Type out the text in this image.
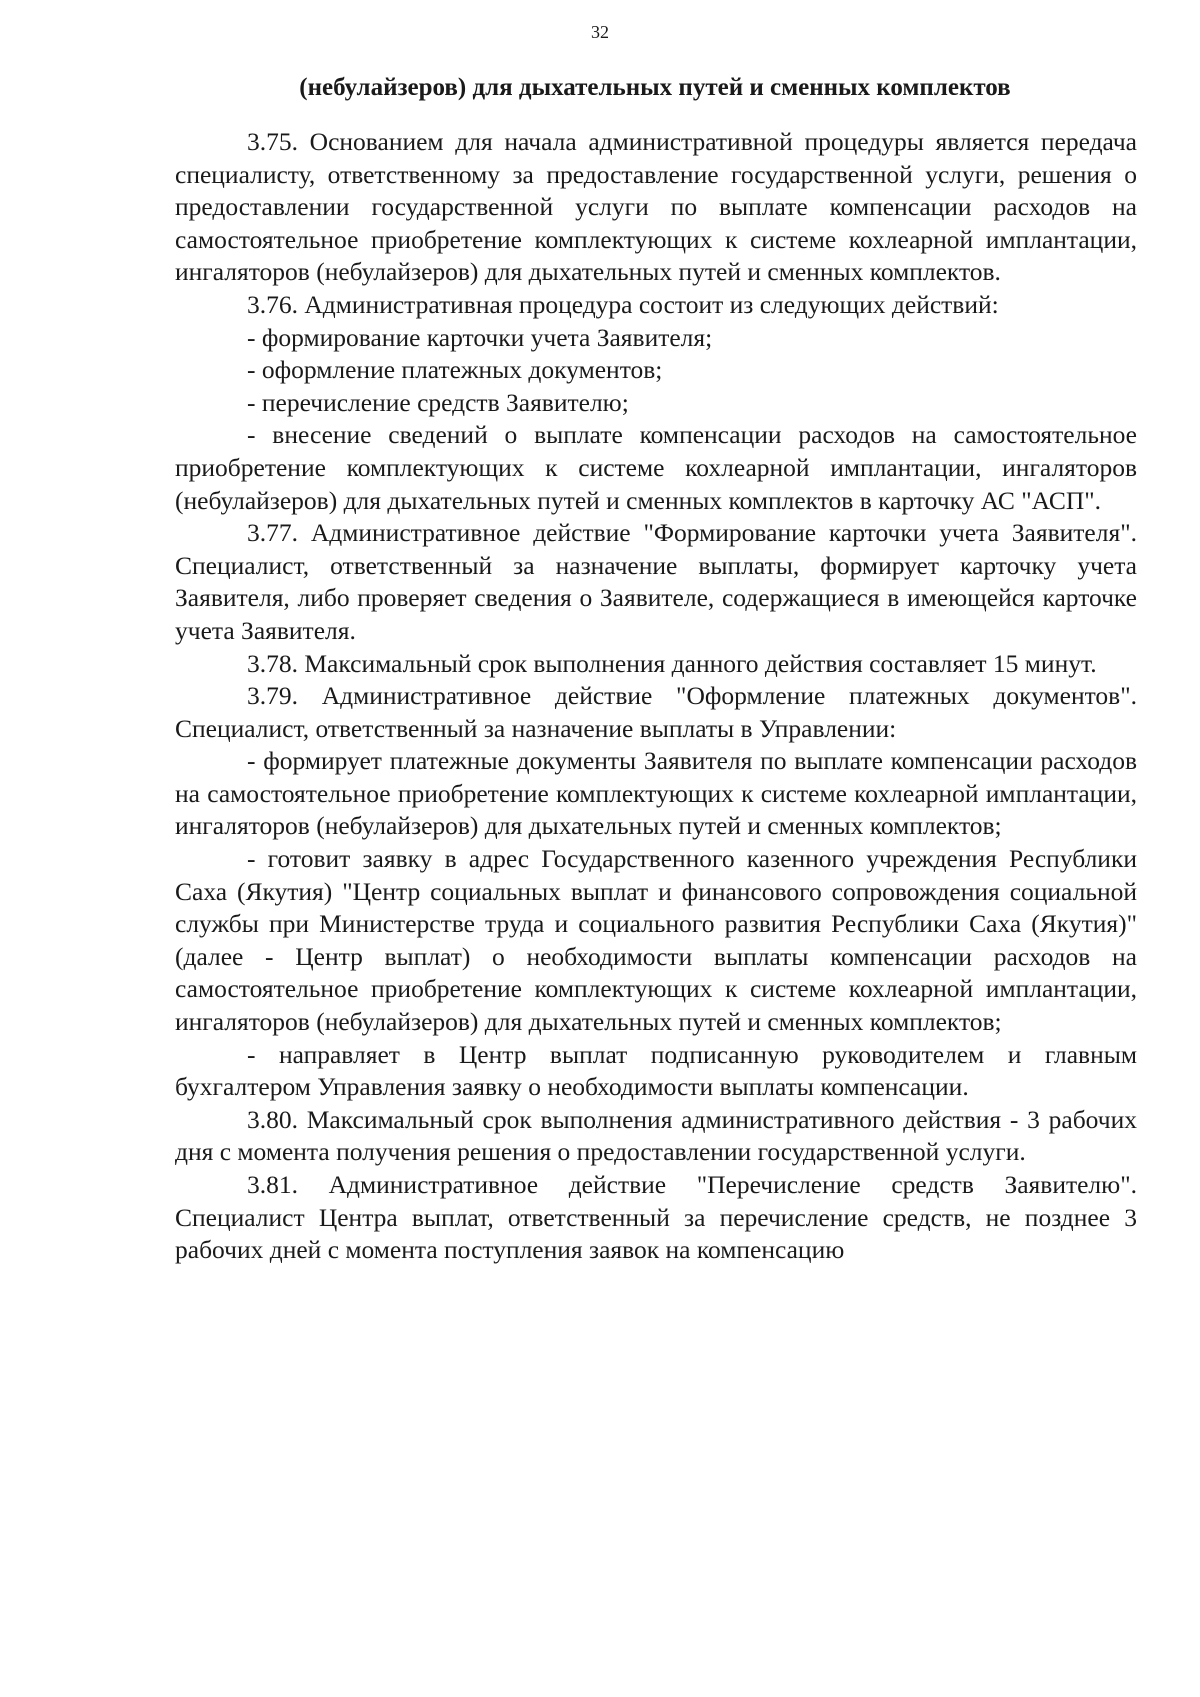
32
(небулайзеров) для дыхательных путей и сменных комплектов

3.75. Основанием для начала административной процедуры является передача специалисту, ответственному за предоставление государственной услуги, решения о предоставлении государственной услуги по выплате компенсации расходов на самостоятельное приобретение комплектующих к системе кохлеарной имплантации, ингаляторов (небулайзеров) для дыхательных путей и сменных комплектов.

3.76. Административная процедура состоит из следующих действий:

- формирование карточки учета Заявителя;

- оформление платежных документов;

- перечисление средств Заявителю;

- внесение сведений о выплате компенсации расходов на самостоятельное приобретение комплектующих к системе кохлеарной имплантации, ингаляторов (небулайзеров) для дыхательных путей и сменных комплектов в карточку АС "АСП".

3.77. Административное действие "Формирование карточки учета Заявителя". Специалист, ответственный за назначение выплаты, формирует карточку учета Заявителя, либо проверяет сведения о Заявителе, содержащиеся в имеющейся карточке учета Заявителя.

3.78. Максимальный срок выполнения данного действия составляет 15 минут.

3.79. Административное действие "Оформление платежных документов". Специалист, ответственный за назначение выплаты в Управлении:

- формирует платежные документы Заявителя по выплате компенсации расходов на самостоятельное приобретение комплектующих к системе кохлеарной имплантации, ингаляторов (небулайзеров) для дыхательных путей и сменных комплектов;

- готовит заявку в адрес Государственного казенного учреждения Республики Саха (Якутия) "Центр социальных выплат и финансового сопровождения социальной службы при Министерстве труда и социального развития Республики Саха (Якутия)" (далее - Центр выплат) о необходимости выплаты компенсации расходов на самостоятельное приобретение комплектующих к системе кохлеарной имплантации, ингаляторов (небулайзеров) для дыхательных путей и сменных комплектов;

- направляет в Центр выплат подписанную руководителем и главным бухгалтером Управления заявку о необходимости выплаты компенсации.

3.80. Максимальный срок выполнения административного действия - 3 рабочих дня с момента получения решения о предоставлении государственной услуги.

3.81. Административное действие "Перечисление средств Заявителю". Специалист Центра выплат, ответственный за перечисление средств, не позднее 3 рабочих дней с момента поступления заявок на компенсацию
